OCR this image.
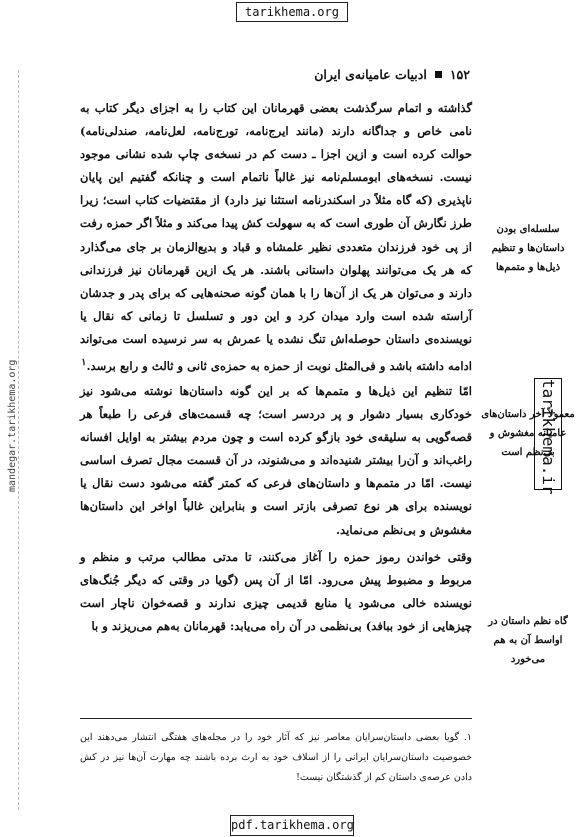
tarikhema.org
mandegar.tarikhema.org	tarikhema.ir
۱۵۲
ادبیات عامیانه‌ی ایران

گذاشته و اتمام سرگذشت بعضی قهرمانان این کتاب را به اجزای دیگر کتاب به نامی خاص و جداگانه دارند (مانند ایرج‌نامه، تورج‌نامه، لعل‌نامه، صندلی‌نامه) حوالت کرده است و ازین اجزا ـ دست کم در نسخه‌ی چاپ شده نشانی موجود نیست. نسخه‌های ابومسلم‌نامه نیز غالباً ناتمام است و چنانکه گفتیم این پایان ناپذیری (که گاه مثلاً در اسکندرنامه استثنا نیز دارد) از مقتضیات کتاب است؛ زیرا طرز نگارش آن طوری است که به سهولت کش پیدا می‌کند و مثلاً اگر حمزه رفت از پی خود فرزندان متعددی نظیر علمشاه و قباد و بدیع‌الزمان بر جای می‌گذارد که هر یک می‌توانند پهلوان داستانی باشند. هر یک ازین قهرمانان نیز فرزندانی دارند و می‌توان هر یک از آن‌ها را با همان گونه صحنه‌هایی که برای پدر و جدشان آراسته شده است وارد میدان کرد و این دور و تسلسل تا زمانی که نقال یا نویسنده‌ی داستان حوصله‌اش تنگ نشده یا عمرش به سر نرسیده است می‌تواند ادامه داشته باشد و فی‌المثل نوبت از حمزه به حمزه‌ی ثانی و ثالث و رابع برسد.$^۱$

امّا تنظیم این ذیل‌ها و متمم‌ها که بر این گونه داستان‌ها نوشته می‌شود نیز خودکاری بسیار دشوار و پر دردسر است؛ چه قسمت‌های فرعی را طبعاً هر قصه‌گویی به سلیقه‌ی خود بازگو کرده است و چون مردم بیشتر به اوایل افسانه راغب‌اند و آن‌را بیشتر شنیده‌اند و می‌شنوند، در آن قسمت مجال تصرف اساسی نیست. امّا در متمم‌ها و داستان‌های فرعی که کمتر گفته می‌شود دست نقال یا نویسنده برای هر نوع تصرفی بازتر است و بنابراین غالباً اواخر این داستان‌ها مغشوش و بی‌نظم می‌نماید.

وقتی خواندن رموز حمزه را آغاز می‌کنند، تا مدتی مطالب مرتب و منظم و مربوط و مضبوط پیش می‌رود. امّا از آن پس (گویا در وقتی که دیگر جُنگ‌های نویسنده خالی می‌شود یا منابع قدیمی چیزی ندارند و قصه‌خوان ناچار است چیزهایی از خود ببافد) بی‌نظمی در آن راه می‌یابد: قهرمانان به‌هم می‌ریزند و با

سلسله‌ای بودن داستان‌ها و تنظیم ذیل‌ها و متمم‌ها
معمولاً آخر داستان‌های عامیانه مغشوش و بی‌نظم است
گاه نظم داستان در اواسط آن به هم می‌خورد
۱. گویا بعضی داستان‌سرایان معاصر نیز که آثار خود را در مجله‌های هفتگی انتشار می‌دهند این خصوصیت داستان‌سرایان ایرانی را از اسلاف خود به ارث برده باشند چه مهارت آن‌ها نیز در کش دادن عرصه‌ی داستان کم از گذشتگان نیست!
pdf.tarikhema.org
